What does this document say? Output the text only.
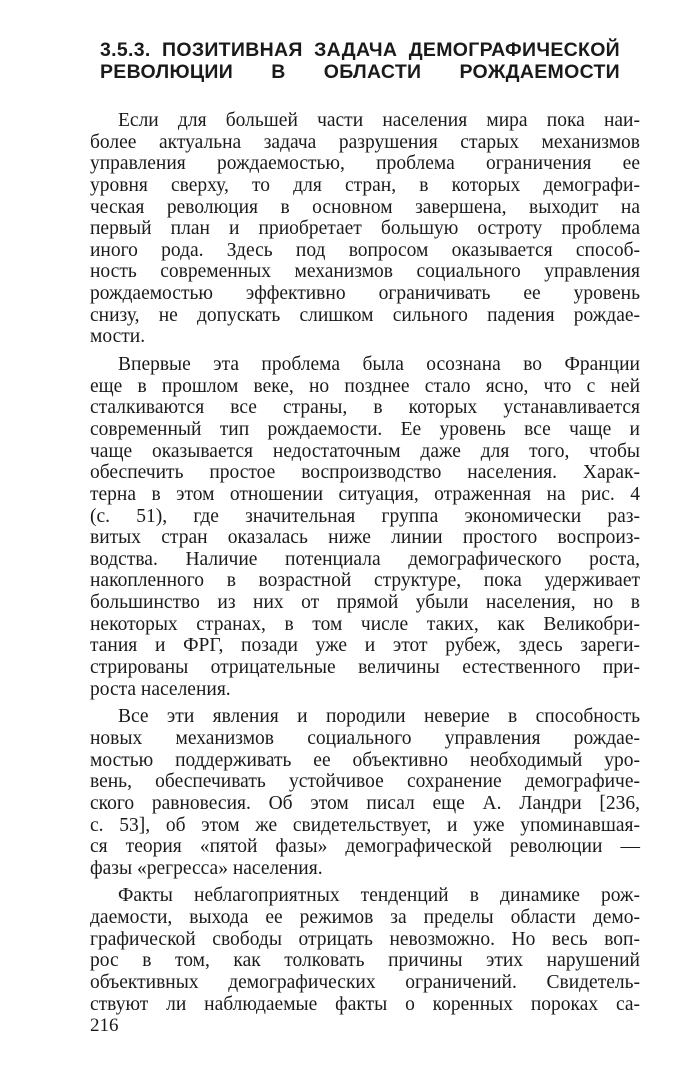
3.5.3. ПОЗИТИВНАЯ ЗАДАЧА ДЕМОГРАФИЧЕСКОЙ
РЕВОЛЮЦИИ В ОБЛАСТИ РОЖДАЕМОСТИ
Если для большей части населения мира пока наи-
более актуальна задача разрушения старых механизмов
управления рождаемостью, проблема ограничения ее
уровня сверху, то для стран, в которых демографи-
ческая революция в основном завершена, выходит на
первый план и приобретает большую остроту проблема
иного рода. Здесь под вопросом оказывается способ-
ность современных механизмов социального управления
рождаемостью эффективно ограничивать ее уровень
снизу, не допускать слишком сильного падения рождае-
мости.
Впервые эта проблема была осознана во Франции
еще в прошлом веке, но позднее стало ясно, что с ней
сталкиваются все страны, в которых устанавливается
современный тип рождаемости. Ее уровень все чаще и
чаще оказывается недостаточным даже для того, чтобы
обеспечить простое воспроизводство населения. Харак-
терна в этом отношении ситуация, отраженная на рис. 4
(с. 51), где значительная группа экономически раз-
витых стран оказалась ниже линии простого воспроиз-
водства. Наличие потенциала демографического роста,
накопленного в возрастной структуре, пока удерживает
большинство из них от прямой убыли населения, но в
некоторых странах, в том числе таких, как Великобри-
тания и ФРГ, позади уже и этот рубеж, здесь зареги-
стрированы отрицательные величины естественного при-
роста населения.
Все эти явления и породили неверие в способность
новых механизмов социального управления рождае-
мостью поддерживать ее объективно необходимый уро-
вень, обеспечивать устойчивое сохранение демографиче-
ского равновесия. Об этом писал еще А. Ландри [236,
с. 53], об этом же свидетельствует, и уже упоминавшая-
ся теория «пятой фазы» демографической революции —
фазы «регресса» населения.
Факты неблагоприятных тенденций в динамике рож-
даемости, выхода ее режимов за пределы области демо-
графической свободы отрицать невозможно. Но весь воп-
рос в том, как толковать причины этих нарушений
объективных демографических ограничений. Свидетель-
ствуют ли наблюдаемые факты о коренных пороках са-
216
